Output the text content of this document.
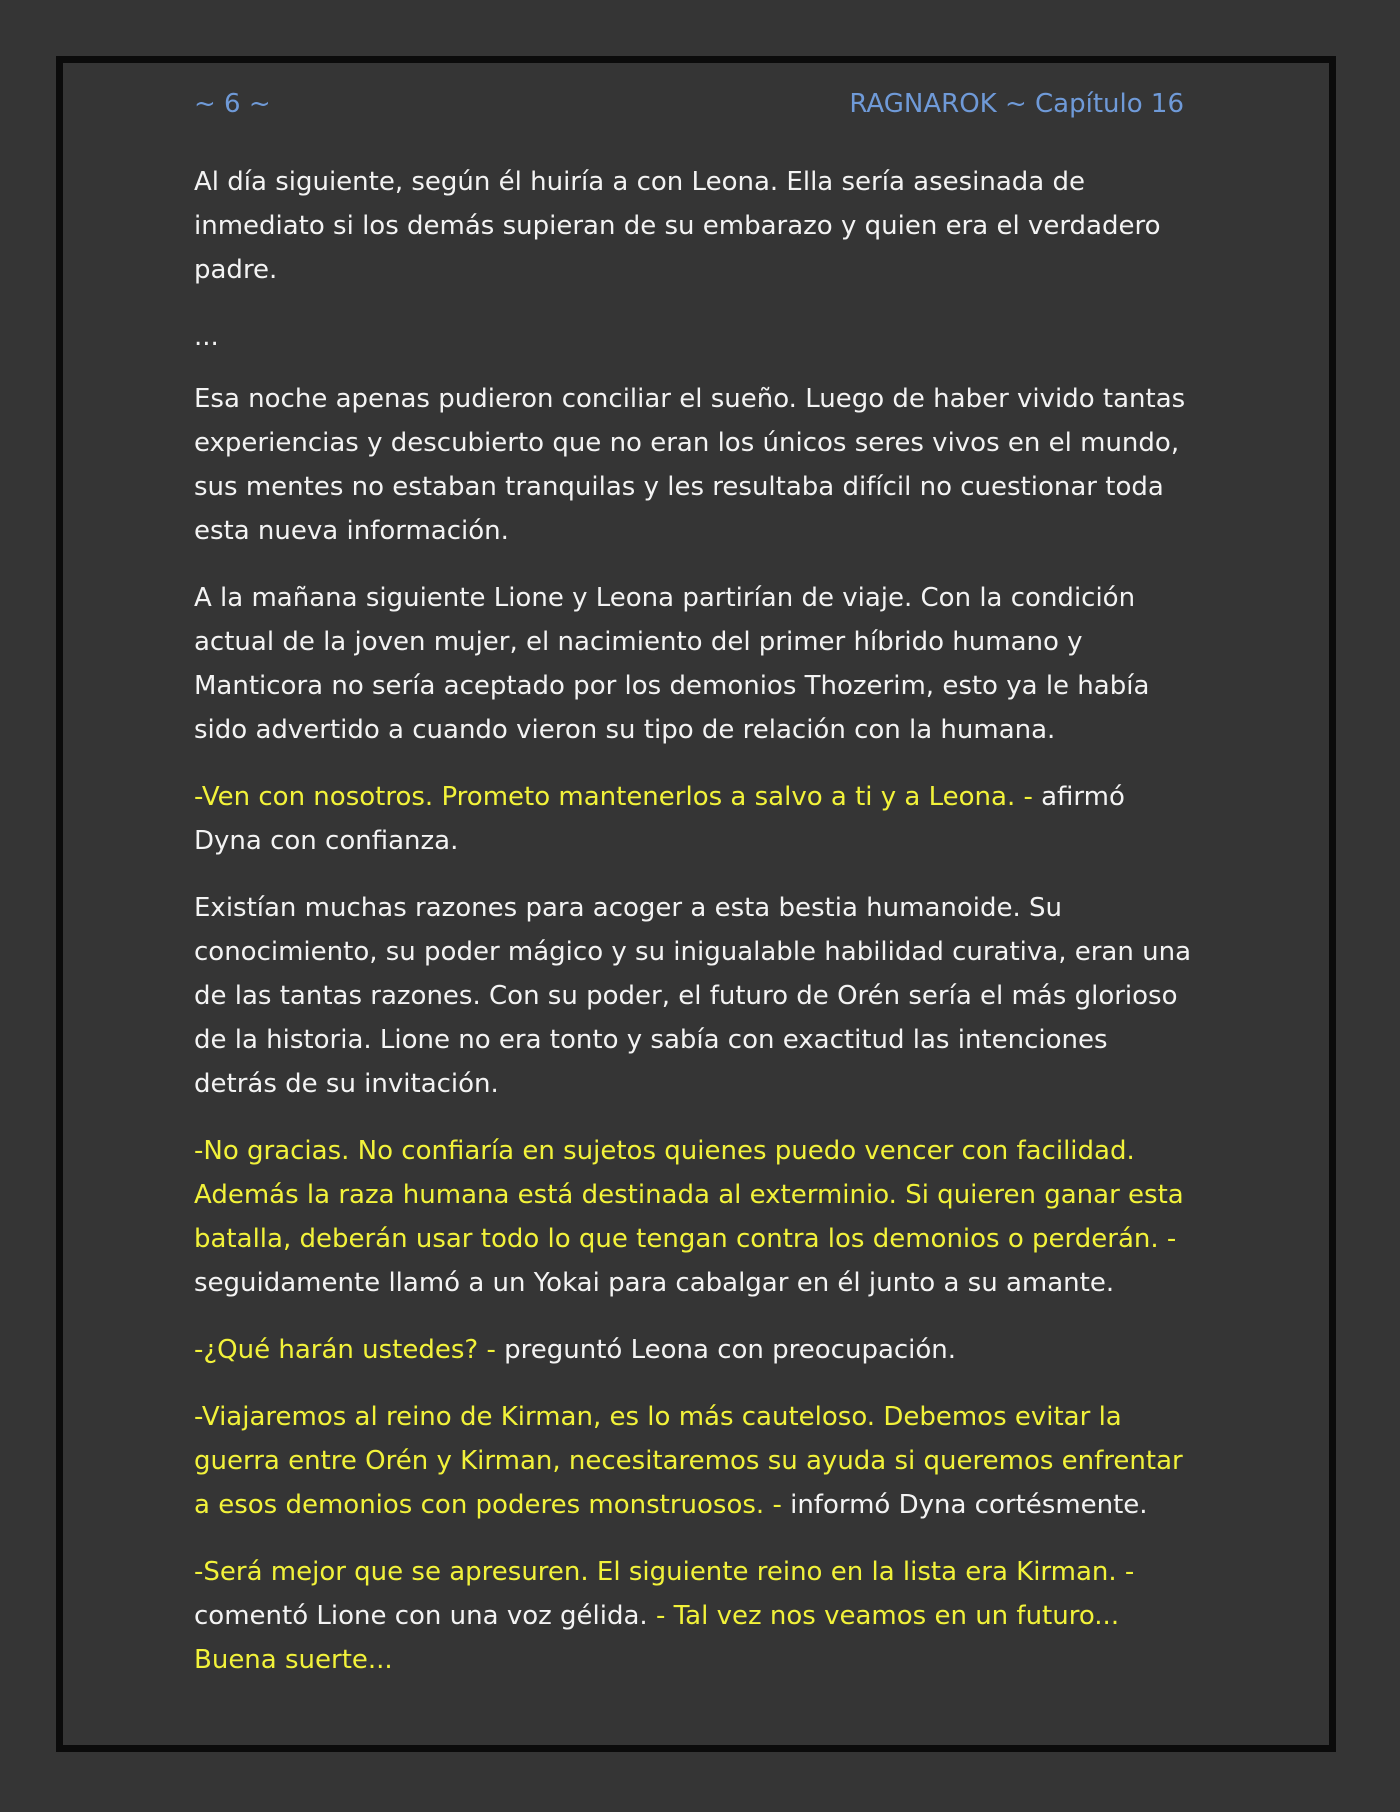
~ 6 ~	RAGNAROK ~ Capítulo 16

Al día siguiente, según él huiría a con Leona. Ella sería asesinada de inmediato si los demás supieran de su embarazo y quien era el verdadero padre.

...

Esa noche apenas pudieron conciliar el sueño. Luego de haber vivido tantas experiencias y descubierto que no eran los únicos seres vivos en el mundo, sus mentes no estaban tranquilas y les resultaba difícil no cuestionar toda esta nueva información.

A la mañana siguiente Lione y Leona partirían de viaje. Con la condición actual de la joven mujer, el nacimiento del primer híbrido humano y Manticora no sería aceptado por los demonios Thozerim, esto ya le había sido advertido a cuando vieron su tipo de relación con la humana.

-Ven con nosotros. Prometo mantenerlos a salvo a ti y a Leona. - afirmó Dyna con confianza.

Existían muchas razones para acoger a esta bestia humanoide. Su conocimiento, su poder mágico y su inigualable habilidad curativa, eran una de las tantas razones. Con su poder, el futuro de Orén sería el más glorioso de la historia. Lione no era tonto y sabía con exactitud las intenciones detrás de su invitación.

-No gracias. No confiaría en sujetos quienes puedo vencer con facilidad. Además la raza humana está destinada al exterminio. Si quieren ganar esta batalla, deberán usar todo lo que tengan contra los demonios o perderán. - seguidamente llamó a un Yokai para cabalgar en él junto a su amante.

-¿Qué harán ustedes? - preguntó Leona con preocupación.

-Viajaremos al reino de Kirman, es lo más cauteloso. Debemos evitar la guerra entre Orén y Kirman, necesitaremos su ayuda si queremos enfrentar a esos demonios con poderes monstruosos. - informó Dyna cortésmente.

-Será mejor que se apresuren. El siguiente reino en la lista era Kirman. - comentó Lione con una voz gélida. - Tal vez nos veamos en un futuro... Buena suerte...
